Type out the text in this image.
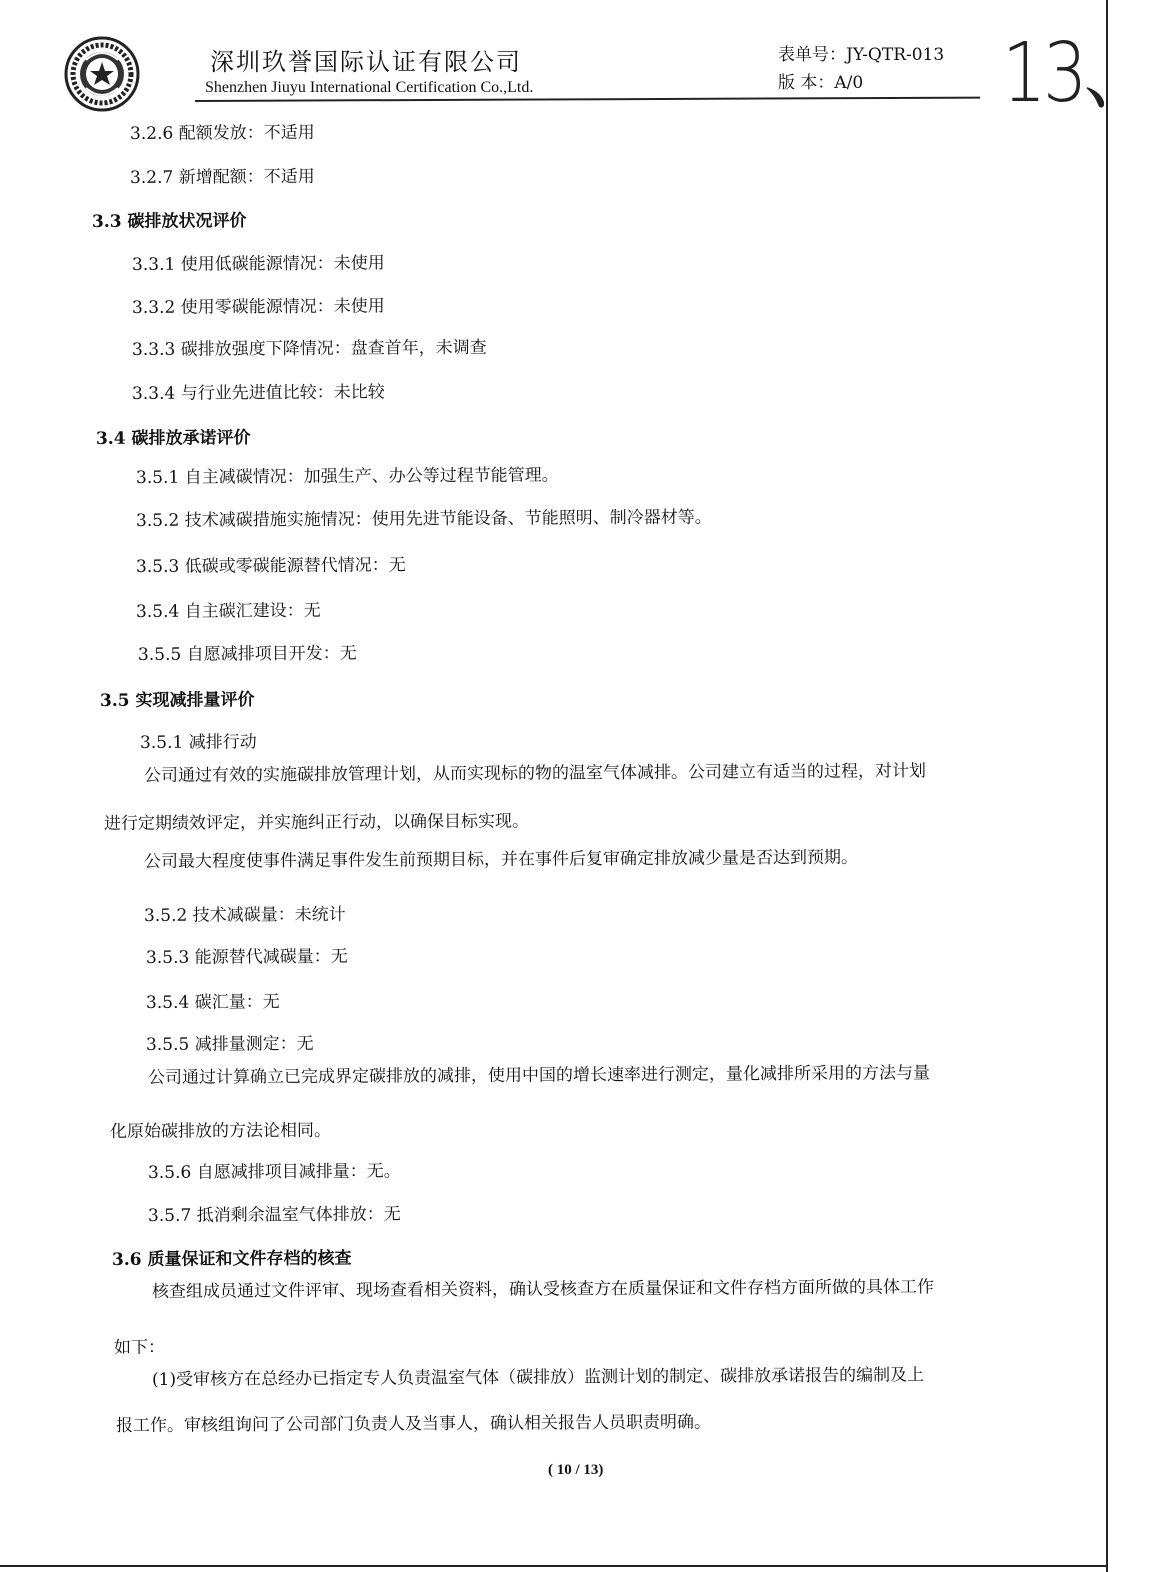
深圳玖誉国际认证有限公司
Shenzhen Jiuyu International Certification Co.,Ltd.
表单号：JY-QTR-013
版 本：A/0 13、
3.2.6 配额发放：不适用
3.2.7 新增配额：不适用
3.3 碳排放状况评价
3.3.1 使用低碳能源情况：未使用
3.3.2 使用零碳能源情况：未使用
3.3.3 碳排放强度下降情况：盘查首年，未调查
3.3.4 与行业先进值比较：未比较
3.4 碳排放承诺评价
3.5.1 自主减碳情况：加强生产、办公等过程节能管理。
3.5.2 技术减碳措施实施情况：使用先进节能设备、节能照明、制冷器材等。
3.5.3 低碳或零碳能源替代情况：无
3.5.4 自主碳汇建设：无
3.5.5 自愿减排项目开发：无
3.5 实现减排量评价
3.5.1 减排行动
公司通过有效的实施碳排放管理计划，从而实现标的物的温室气体减排。公司建立有适当的过程，对计划
进行定期绩效评定，并实施纠正行动，以确保目标实现。
公司最大程度使事件满足事件发生前预期目标，并在事件后复审确定排放减少量是否达到预期。
3.5.2 技术减碳量：未统计
3.5.3 能源替代减碳量：无
3.5.4 碳汇量：无
3.5.5 减排量测定：无
公司通过计算确立已完成界定碳排放的减排，使用中国的增长速率进行测定，量化减排所采用的方法与量
化原始碳排放的方法论相同。
3.5.6 自愿减排项目减排量：无。
3.5.7 抵消剩余温室气体排放：无
3.6 质量保证和文件存档的核查
核查组成员通过文件评审、现场查看相关资料，确认受核查方在质量保证和文件存档方面所做的具体工作
如下：
(1)受审核方在总经办已指定专人负责温室气体（碳排放）监测计划的制定、碳排放承诺报告的编制及上
报工作。审核组询问了公司部门负责人及当事人，确认相关报告人员职责明确。
( 10 / 13)
